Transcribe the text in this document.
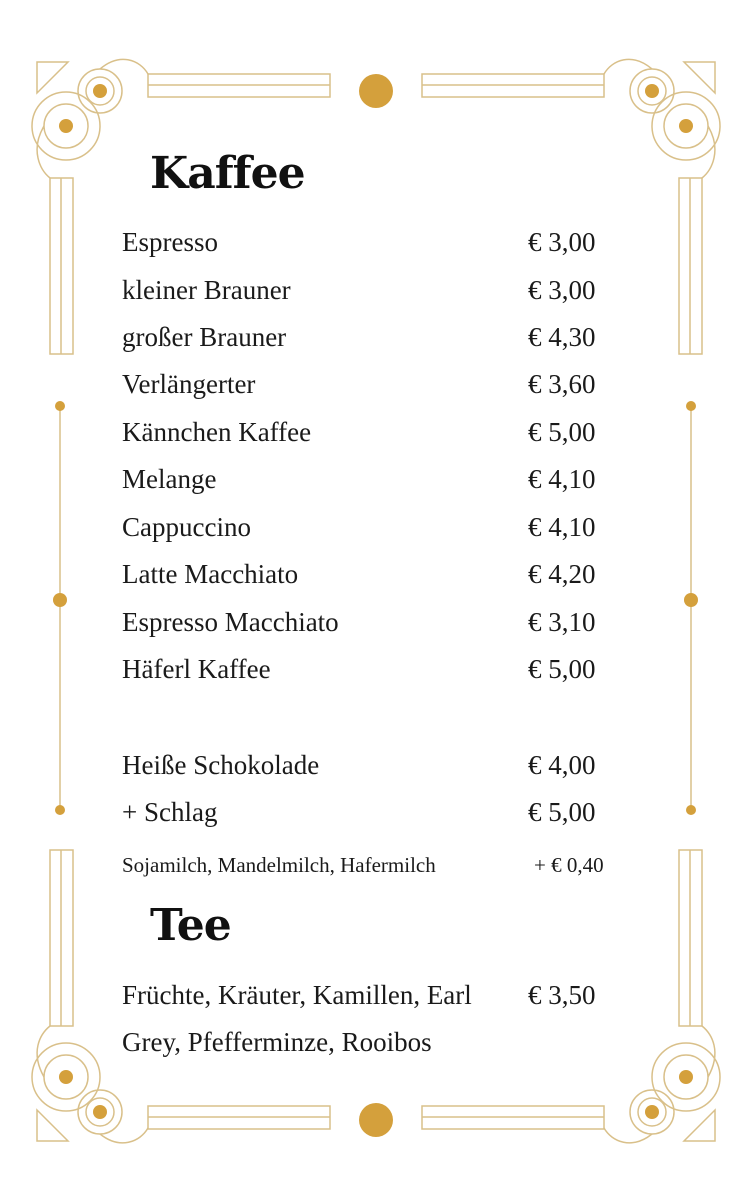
Kaffee
Espresso	€ 3,00
kleiner Brauner	€ 3,00
großer Brauner	€ 4,30
Verlängerter	€ 3,60
Kännchen Kaffee	€ 5,00
Melange	€ 4,10
Cappuccino	€ 4,10
Latte Macchiato	€ 4,20
Espresso Macchiato	€ 3,10
Häferl Kaffee	€ 5,00
Heiße Schokolade	€ 4,00
+ Schlag	€ 5,00
Sojamilch, Mandelmilch, Hafermilch	+ € 0,40
Tee
Früchte, Kräuter, Kamillen, Earl € 3,50
Grey, Pfefferminze, Rooibos
